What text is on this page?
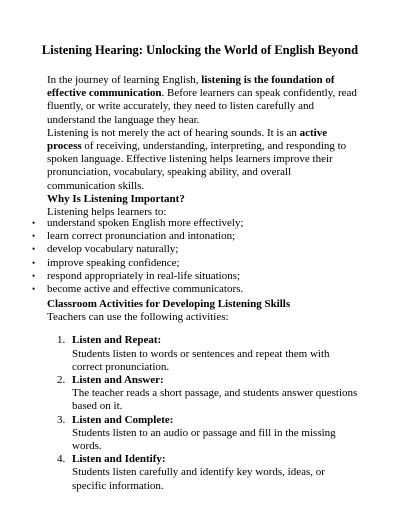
Listening Hearing: Unlocking the World of English Beyond

In the journey of learning English, listening is the foundation of effective communication. Before learners can speak confidently, read fluently, or write accurately, they need to listen carefully and understand the language they hear.

Listening is not merely the act of hearing sounds. It is an active process of receiving, understanding, interpreting, and responding to spoken language. Effective listening helps learners improve their pronunciation, vocabulary, speaking ability, and overall communication skills.

Why Is Listening Important?

Listening helps learners to:

• understand spoken English more effectively;
• learn correct pronunciation and intonation;
• develop vocabulary naturally;
• improve speaking confidence;
• respond appropriately in real-life situations;
• become active and effective communicators.
Classroom Activities for Developing Listening Skills
Teachers can use the following activities:
1. Listen and Repeat:
Students listen to words or sentences and repeat them with correct pronunciation.
2. Listen and Answer:
The teacher reads a short passage, and students answer questions based on it.
3. Listen and Complete:
Students listen to an audio or passage and fill in the missing words.
4. Listen and Identify:
Students listen carefully and identify key words, ideas, or specific information.
